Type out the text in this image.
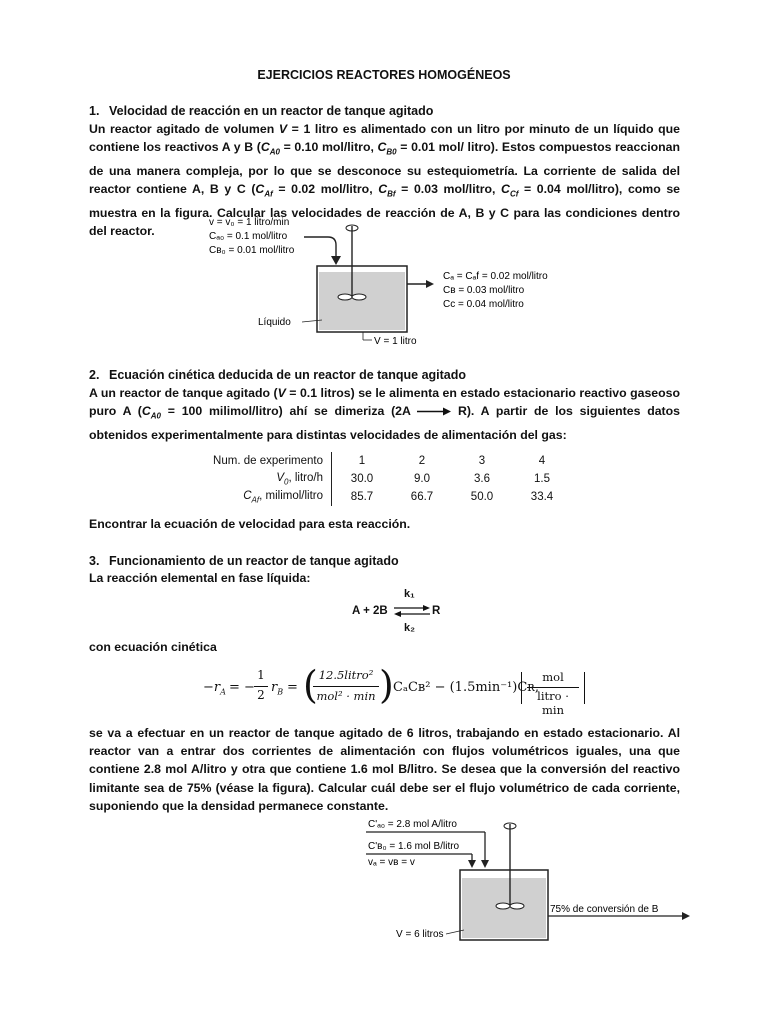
EJERCICIOS REACTORES HOMOGÉNEOS
1. Velocidad de reacción en un reactor de tanque agitado
Un reactor agitado de volumen V = 1 litro es alimentado con un litro por minuto de un líquido que contiene los reactivos A y B ($C_{A0} = 0.10$ mol/litro, $C_{B0} = 0.01$ mol/ litro). Estos compuestos reaccionan de una manera compleja, por lo que se desconoce su estequiometría. La corriente de salida del reactor contiene A, B y C ($C_{Af} = 0.02$ mol/litro, $C_{Bf} = 0.03$ mol/litro, $C_{Cf} = 0.04$ mol/litro), como se muestra en la figura. Calcular las velocidades de reacción de A, B y C para las condiciones dentro del reactor.
v = v₀ = 1 litro/min
Cₐ₀ = 0.1 mol/litro
Cʙ₀ = 0.01 mol/litro
Cₐ = Cₐf = 0.02 mol/litro
Cʙ = 0.03 mol/litro
Cᴄ = 0.04 mol/litro
Líquido
V = 1 litro
2. Ecuación cinética deducida de un reactor de tanque agitado
A un reactor de tanque agitado (V = 0.1 litros) se le alimenta en estado estacionario reactivo gaseoso puro A ($C_{A0} = 100$ milimol/litro) ahí se dimeriza (2A → R). A partir de los siguientes datos obtenidos experimentalmente para distintas velocidades de alimentación del gas:
Num. de experimento	1	2	3	4
$V_0$, litro/h	30.0	9.0	3.6	1.5
$C_{Af}$, milimol/litro	85.7	66.7	50.0	33.4
Encontrar la ecuación de velocidad para esta reacción.
3. Funcionamiento de un reactor de tanque agitado
La reacción elemental en fase líquida:
k₁
A + 2B ⇌ R
k₂
con ecuación cinética
$-r_A$ = −
1
2 $r_B$ = ( 12.5litro²
mol² · min ) CₐCʙ² − (1.5min⁻¹)Cʀ,
mol
litro · min
se va a efectuar en un reactor de tanque agitado de 6 litros, trabajando en estado estacionario. Al reactor van a entrar dos corrientes de alimentación con flujos volumétricos iguales, una que contiene 2.8 mol A/litro y otra que contiene 1.6 mol B/litro. Se desea que la conversión del reactivo limitante sea de 75% (véase la figura). Calcular cuál debe ser el flujo volumétrico de cada corriente, suponiendo que la densidad permanece constante.
C'ₐ₀ = 2.8 mol A/litro
C'ʙ₀ = 1.6 mol B/litro
vₐ = vʙ = v
75% de conversión de B
V = 6 litros
